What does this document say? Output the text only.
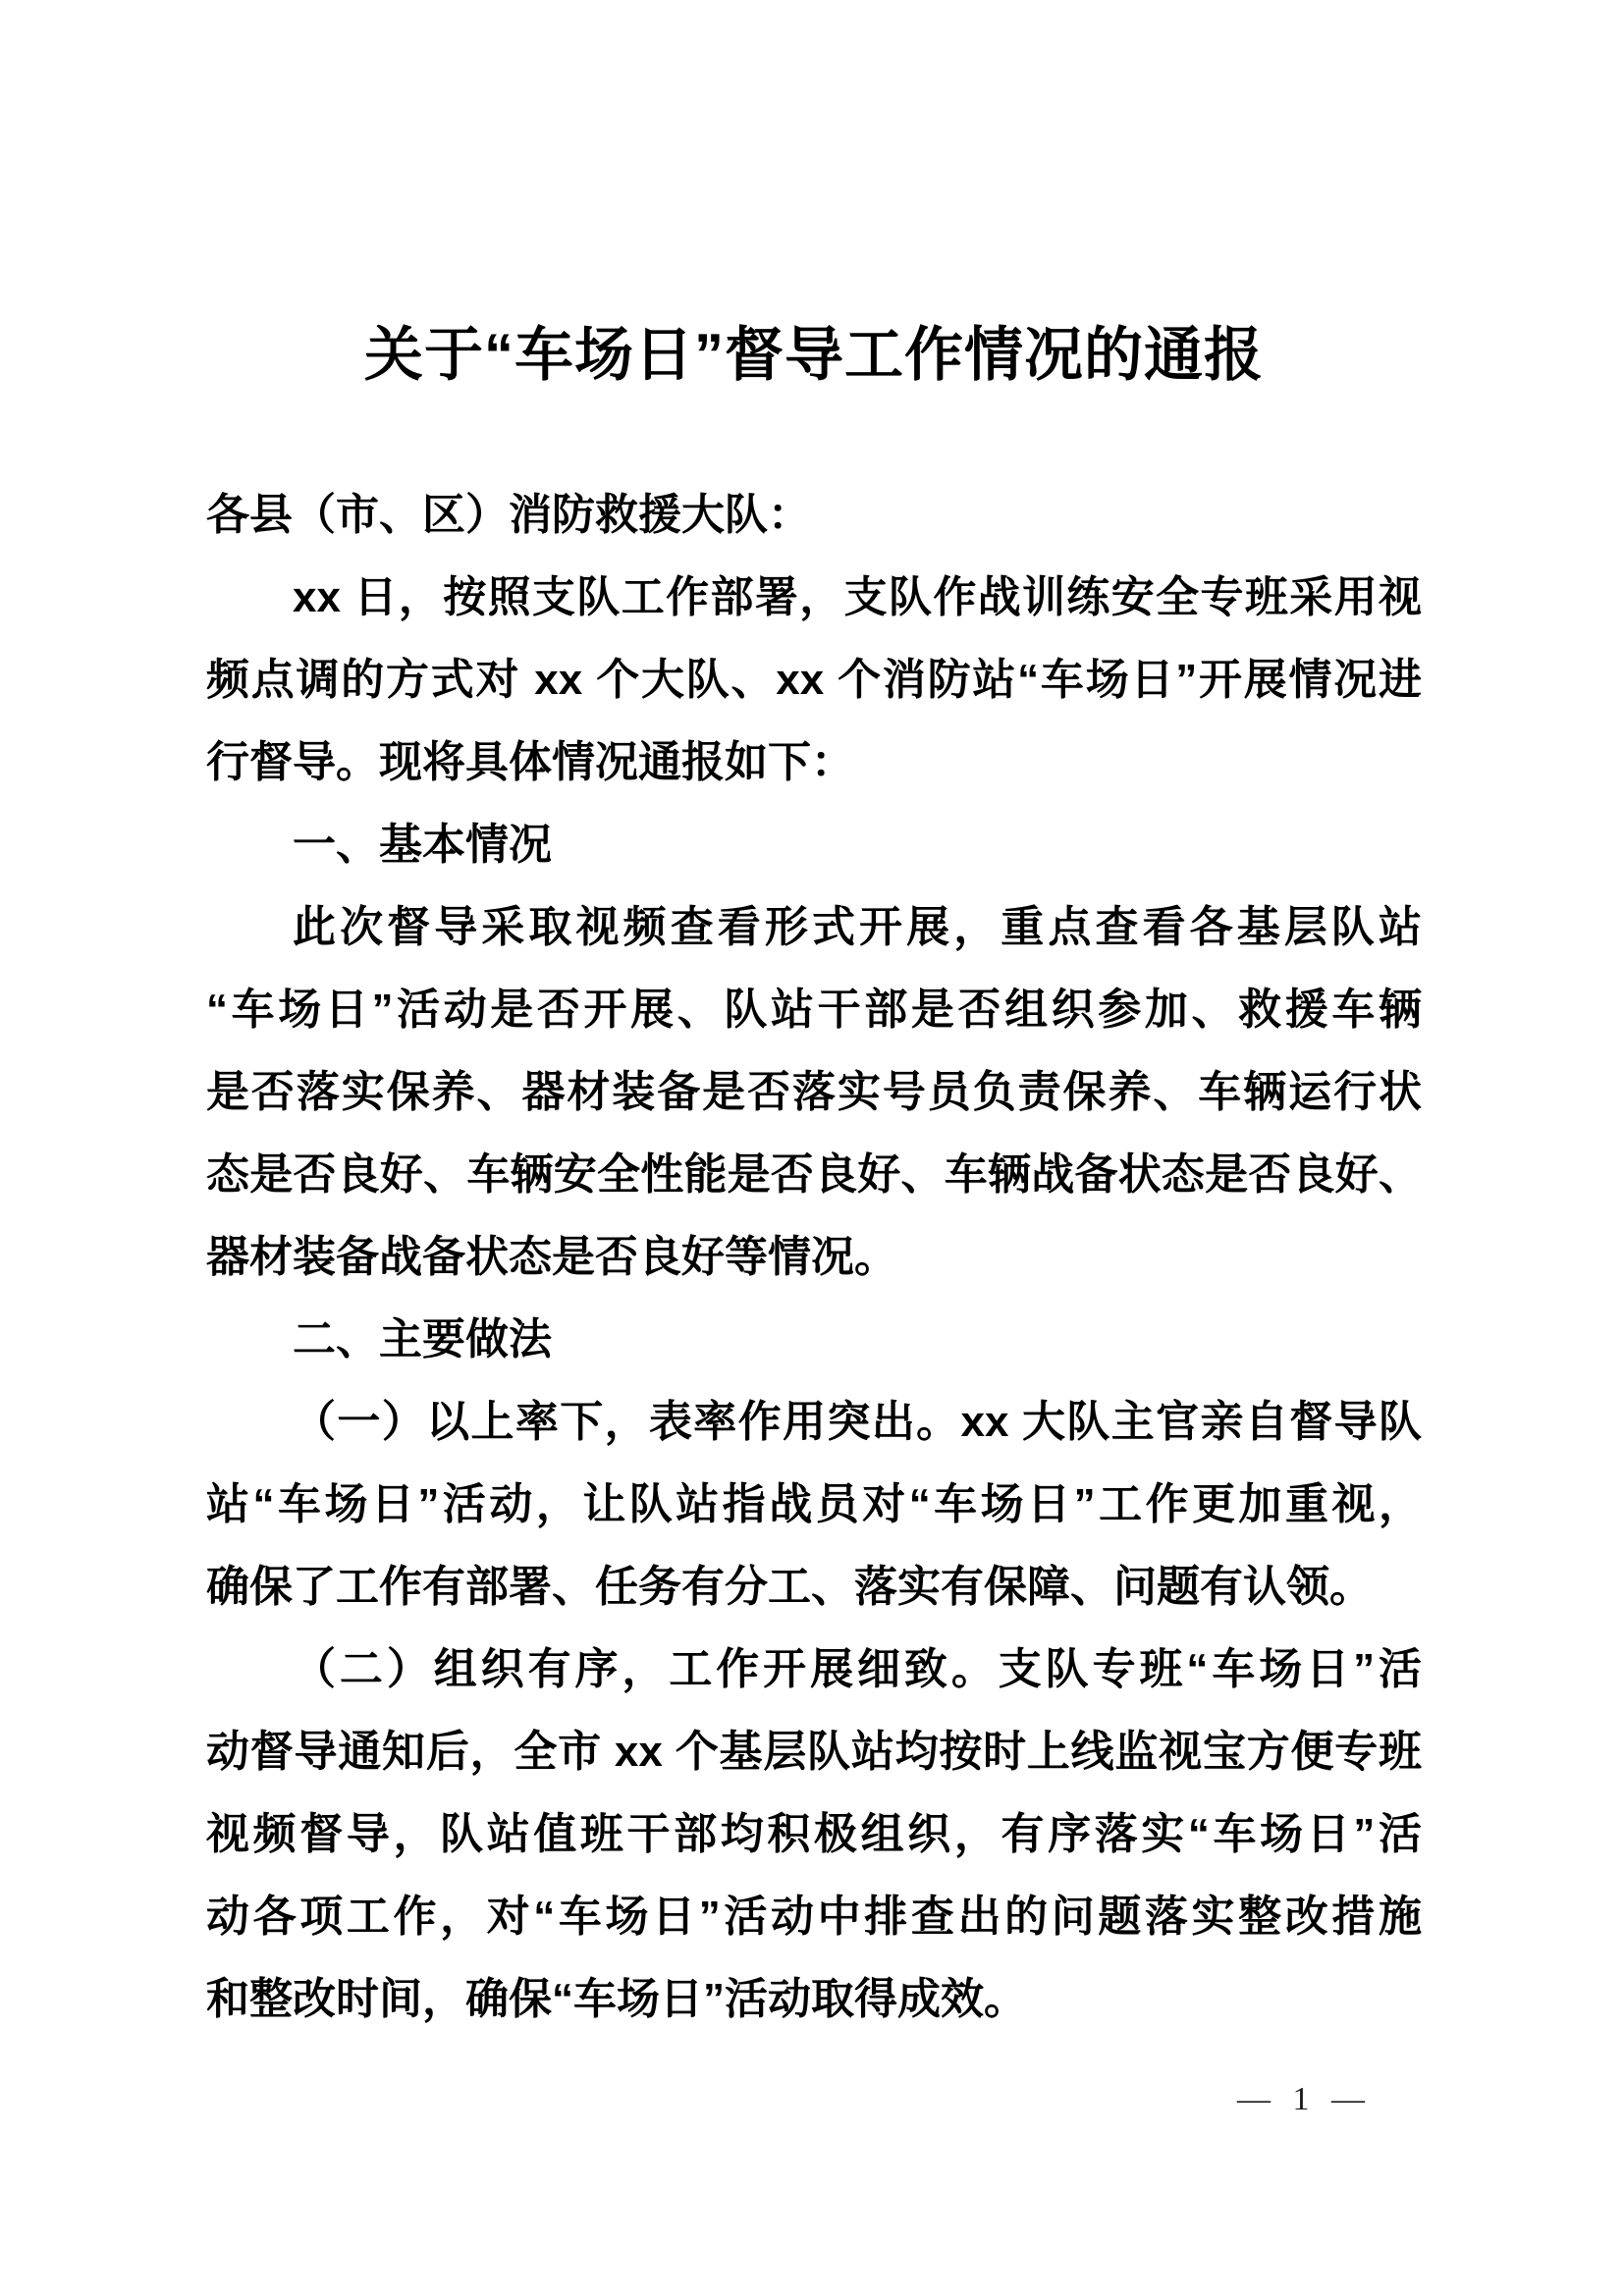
关于“车场日”督导工作情况的通报

各县（市、区）消防救援大队：

xx 日，按照支队工作部署，支队作战训练安全专班采用视

频点调的方式对 xx 个大队、xx 个消防站“车场日”开展情况进

行督导。现将具体情况通报如下：

一、基本情况

此次督导采取视频查看形式开展，重点查看各基层队站

“车场日”活动是否开展、队站干部是否组织参加、救援车辆

是否落实保养、器材装备是否落实号员负责保养、车辆运行状

态是否良好、车辆安全性能是否良好、车辆战备状态是否良好、

器材装备战备状态是否良好等情况。

二、主要做法

（一）以上率下，表率作用突出。xx 大队主官亲自督导队

站“车场日”活动，让队站指战员对“车场日”工作更加重视，

确保了工作有部署、任务有分工、落实有保障、问题有认领。

（二）组织有序，工作开展细致。支队专班“车场日”活

动督导通知后，全市 xx 个基层队站均按时上线监视宝方便专班

视频督导，队站值班干部均积极组织，有序落实“车场日”活

动各项工作，对“车场日”活动中排查出的问题落实整改措施

和整改时间，确保“车场日”活动取得成效。

— 1 —
